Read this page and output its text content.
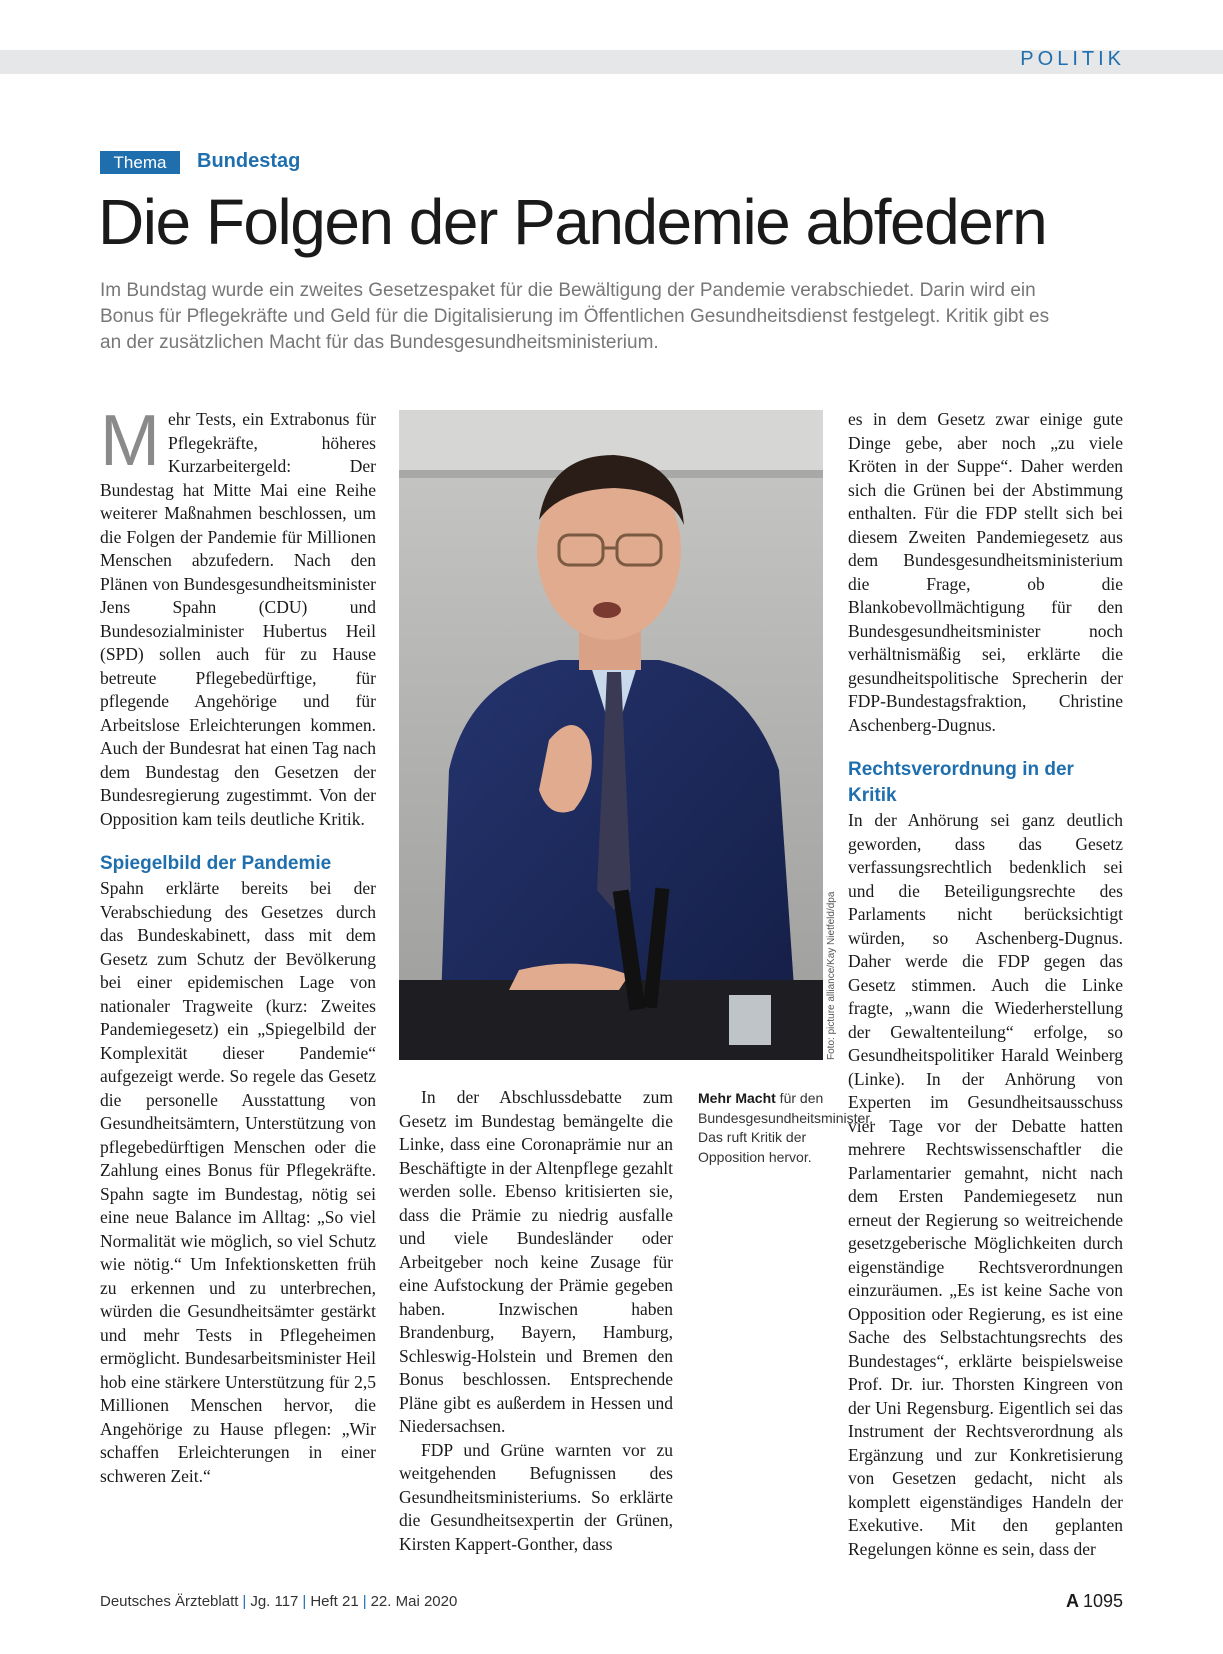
POLITIK
Thema	Bundestag
Die Folgen der Pandemie abfedern
Im Bundstag wurde ein zweites Gesetzespaket für die Bewältigung der Pandemie verabschiedet. Darin wird ein Bonus für Pflegekräfte und Geld für die Digitalisierung im Öffentlichen Gesundheitsdienst festgelegt. Kritik gibt es an der zusätzlichen Macht für das Bundesgesundheitsministerium.

Mehr Tests, ein Extrabonus für Pflegekräfte, höheres Kurzarbeitergeld: Der Bundestag hat Mitte Mai eine Reihe weiterer Maßnahmen beschlossen, um die Folgen der Pandemie für Millionen Menschen abzufedern. Nach den Plänen von Bundesgesundheitsminister Jens Spahn (CDU) und Bundesozialminister Hubertus Heil (SPD) sollen auch für zu Hause betreute Pflegebedürftige, für pflegende Angehörige und für Arbeitslose Erleichterungen kommen. Auch der Bundesrat hat einen Tag nach dem Bundestag den Gesetzen der Bundesregierung zugestimmt. Von der Opposition kam teils deutliche Kritik.

Spiegelbild der Pandemie

Spahn erklärte bereits bei der Verabschiedung des Gesetzes durch das Bundeskabinett, dass mit dem Gesetz zum Schutz der Bevölkerung bei einer epidemischen Lage von nationaler Tragweite (kurz: Zweites Pandemiegesetz) ein „Spiegelbild der Komplexität dieser Pandemie“ aufgezeigt werde. So regele das Gesetz die personelle Ausstattung von Gesundheitsämtern, Unterstützung von pflegebedürftigen Menschen oder die Zahlung eines Bonus für Pflegekräfte. Spahn sagte im Bundestag, nötig sei eine neue Balance im Alltag: „So viel Normalität wie möglich, so viel Schutz wie nötig.“ Um Infektionsketten früh zu erkennen und zu unterbrechen, würden die Gesundheitsämter gestärkt und mehr Tests in Pflegeheimen ermöglicht. Bundesarbeitsminister Heil hob eine stärkere Unterstützung für 2,5 Millionen Menschen hervor, die Angehörige zu Hause pflegen: „Wir schaffen Erleichterungen in einer schweren Zeit.“

Foto: picture alliance/Kay Nietfeld/dpa

In der Abschlussdebatte zum Gesetz im Bundestag bemängelte die Linke, dass eine Coronaprämie nur an Beschäftigte in der Altenpflege gezahlt werden solle. Ebenso kritisierten sie, dass die Prämie zu niedrig ausfalle und viele Bundesländer oder Arbeitgeber noch keine Zusage für eine Aufstockung der Prämie gegeben haben. Inzwischen haben Brandenburg, Bayern, Hamburg, Schleswig-Holstein und Bremen den Bonus beschlossen. Entsprechende Pläne gibt es außerdem in Hessen und Niedersachsen.

FDP und Grüne warnten vor zu weitgehenden Befugnissen des Gesundheitsministeriums. So erklärte die Gesundheitsexpertin der Grünen, Kirsten Kappert-Gonther, dass

Mehr Macht für den Bundesgesundheitsminister. Das ruft Kritik der Opposition hervor.

es in dem Gesetz zwar einige gute Dinge gebe, aber noch „zu viele Kröten in der Suppe“. Daher werden sich die Grünen bei der Abstimmung enthalten. Für die FDP stellt sich bei diesem Zweiten Pandemiegesetz aus dem Bundesgesundheitsministerium die Frage, ob die Blankobevollmächtigung für den Bundesgesundheitsminister noch verhältnismäßig sei, erklärte die gesundheitspolitische Sprecherin der FDP-Bundestagsfraktion, Christine Aschenberg-Dugnus.

Rechtsverordnung in der Kritik

In der Anhörung sei ganz deutlich geworden, dass das Gesetz verfassungsrechtlich bedenklich sei und die Beteiligungsrechte des Parlaments nicht berücksichtigt würden, so Aschenberg-Dugnus. Daher werde die FDP gegen das Gesetz stimmen. Auch die Linke fragte, „wann die Wiederherstellung der Gewaltenteilung“ erfolge, so Gesundheitspolitiker Harald Weinberg (Linke). In der Anhörung von Experten im Gesundheitsausschuss vier Tage vor der Debatte hatten mehrere Rechtswissenschaftler die Parlamentarier gemahnt, nicht nach dem Ersten Pandemiegesetz nun erneut der Regierung so weitreichende gesetzgeberische Möglichkeiten durch eigenständige Rechtsverordnungen einzuräumen. „Es ist keine Sache von Opposition oder Regierung, es ist eine Sache des Selbstachtungsrechts des Bundestages“, erklärte beispielsweise Prof. Dr. iur. Thorsten Kingreen von der Uni Regensburg. Eigentlich sei das Instrument der Rechtsverordnung als Ergänzung und zur Konkretisierung von Gesetzen gedacht, nicht als komplett eigenständiges Handeln der Exekutive. Mit den geplanten Regelungen könne es sein, dass der

Deutsches Ärzteblatt | Jg. 117 | Heft 21 | 22. Mai 2020	A 1095
